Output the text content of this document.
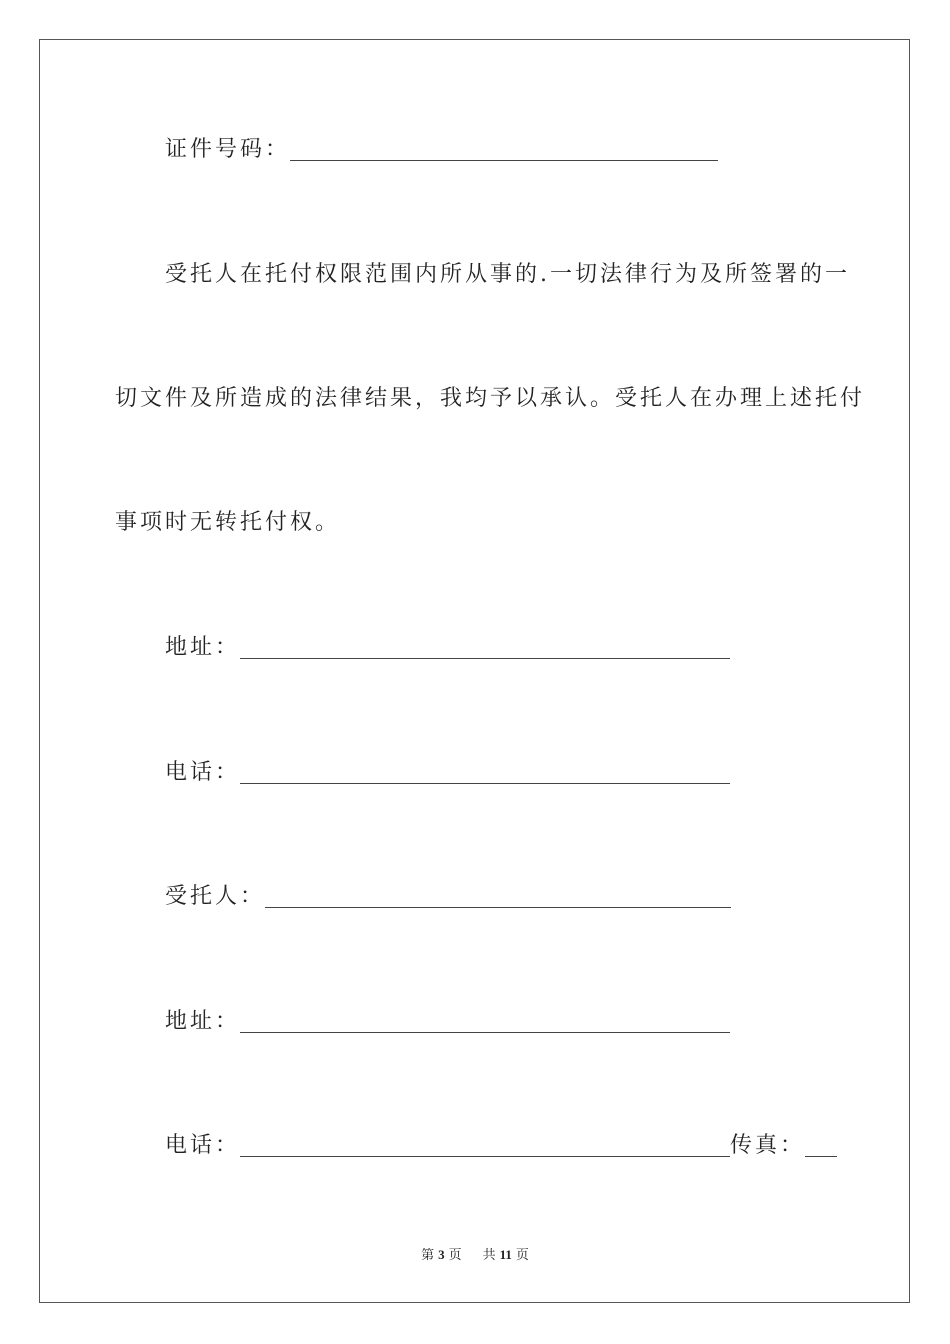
证件号码：
受托人在托付权限范围内所从事的.一切法律行为及所签署的一
切文件及所造成的法律结果，我均予以承认。受托人在办理上述托付
事项时无转托付权。
地址：
电话：
受托人：
地址：
电话：	传真：
第 3 页 共 11 页
